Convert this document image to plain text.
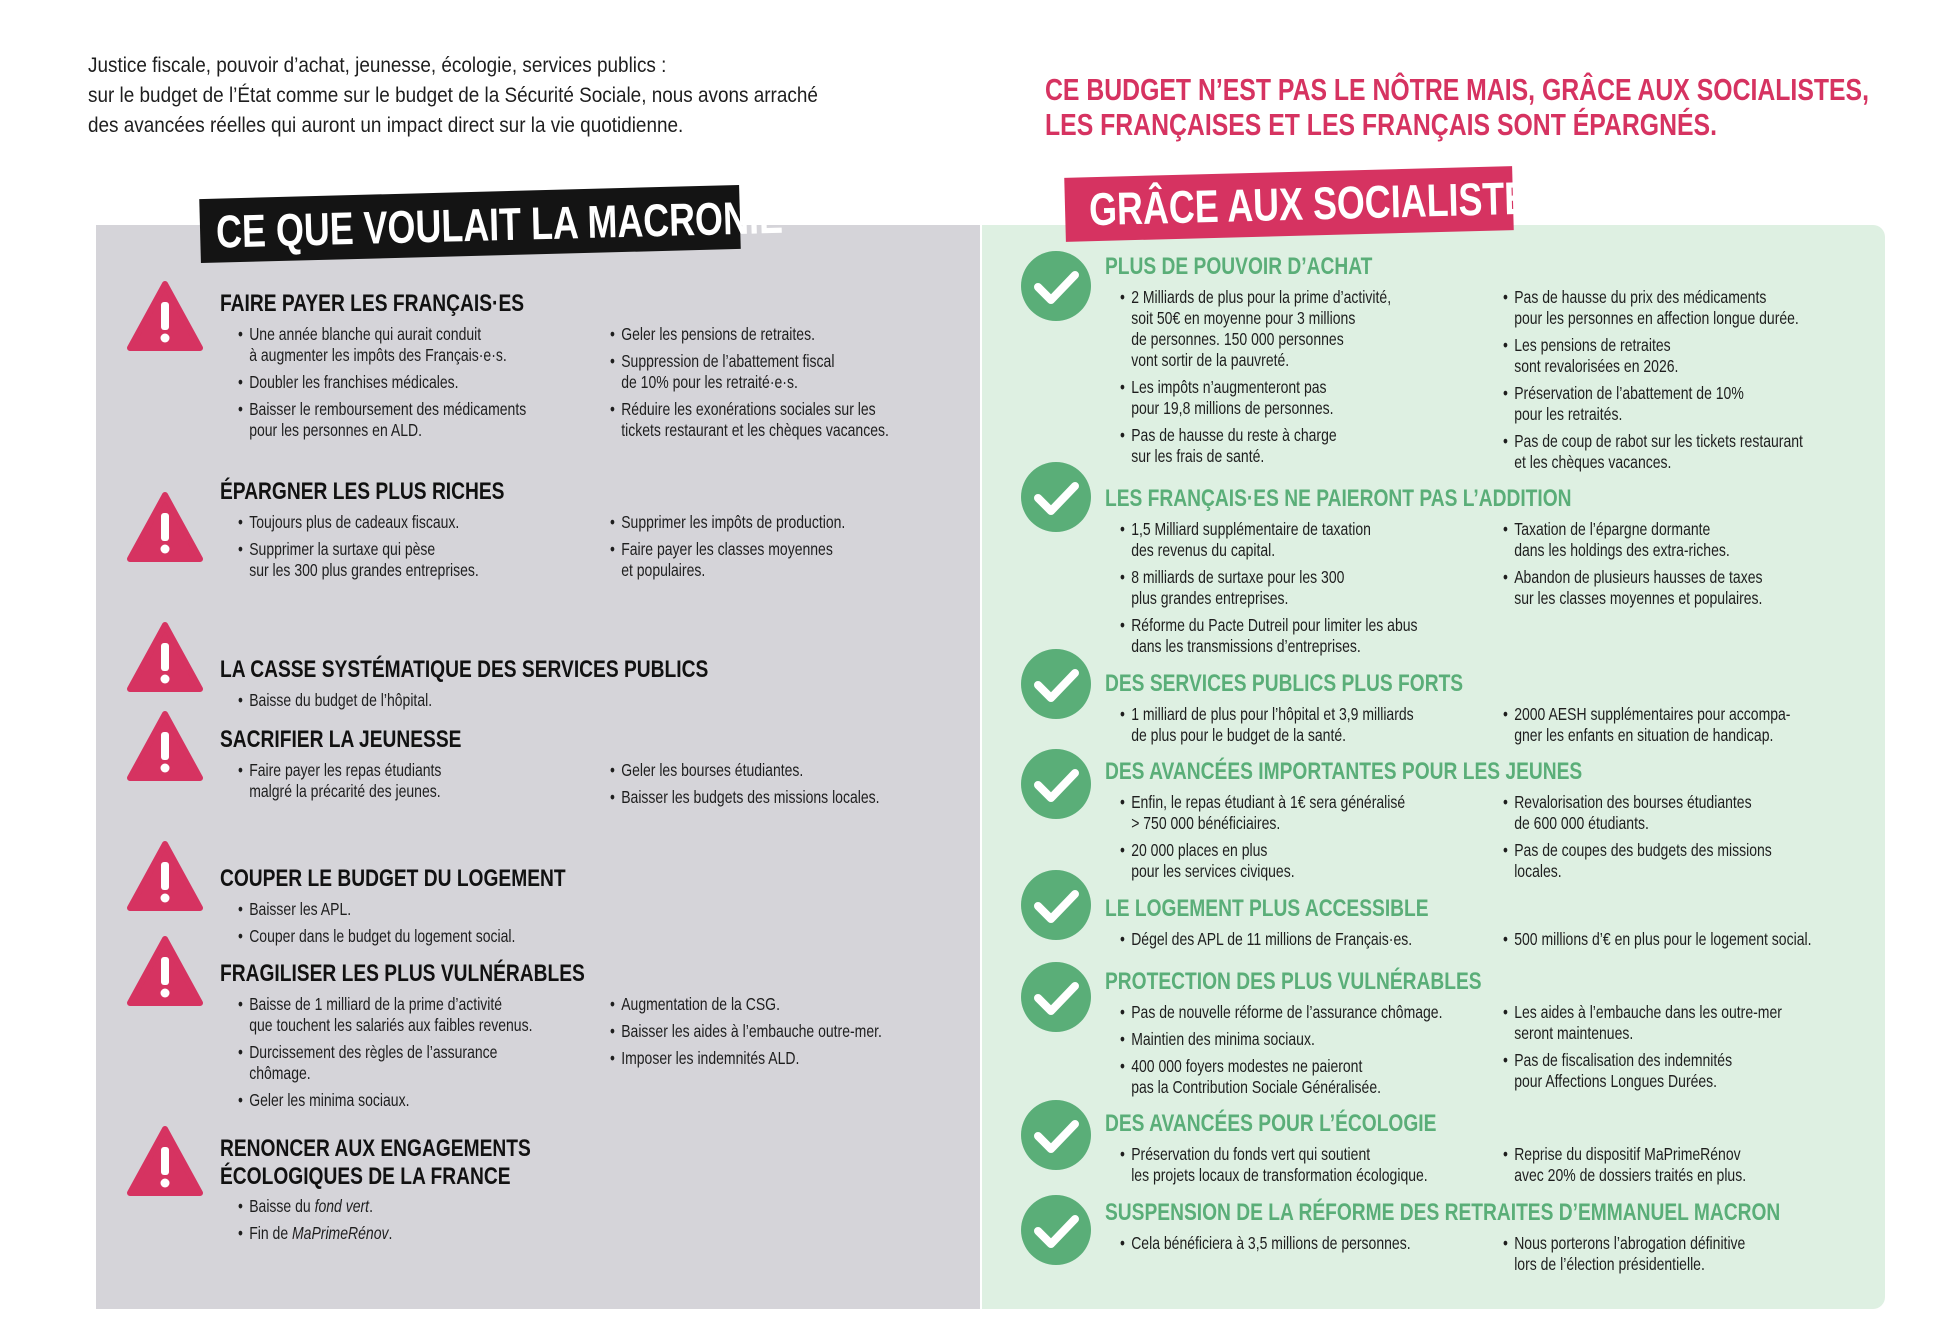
Justice fiscale, pouvoir d’achat, jeunesse, écologie, services publics :
sur le budget de l’État comme sur le budget de la Sécurité Sociale, nous avons arraché
des avancées réelles qui auront un impact direct sur la vie quotidienne.
CE BUDGET N’EST PAS LE NÔTRE MAIS, GRÂCE AUX SOCIALISTES,
LES FRANÇAISES ET LES FRANÇAIS SONT ÉPARGNÉS.
CE QUE VOULAIT LA MACRONIE	GRÂCE AUX SOCIALISTES
FAIRE PAYER LES FRANÇAIS·ES
• Une année blanche qui aurait conduit
à augmenter les impôts des Français·e·s.
• Doubler les franchises médicales.
• Baisser le remboursement des médicaments
pour les personnes en ALD.
• Geler les pensions de retraites.
• Suppression de l’abattement fiscal
de 10% pour les retraité·e·s.
• Réduire les exonérations sociales sur les
tickets restaurant et les chèques vacances.
ÉPARGNER LES PLUS RICHES
• Toujours plus de cadeaux fiscaux.
• Supprimer la surtaxe qui pèse
sur les 300 plus grandes entreprises.
• Supprimer les impôts de production.
• Faire payer les classes moyennes
et populaires.
LA CASSE SYSTÉMATIQUE DES SERVICES PUBLICS
• Baisse du budget de l’hôpital.
SACRIFIER LA JEUNESSE
• Faire payer les repas étudiants
malgré la précarité des jeunes.
• Geler les bourses étudiantes.
• Baisser les budgets des missions locales.
COUPER LE BUDGET DU LOGEMENT
• Baisser les APL.
• Couper dans le budget du logement social.
FRAGILISER LES PLUS VULNÉRABLES
• Baisse de 1 milliard de la prime d’activité
que touchent les salariés aux faibles revenus.
• Durcissement des règles de l’assurance
chômage.
• Geler les minima sociaux.
• Augmentation de la CSG.
• Baisser les aides à l’embauche outre-mer.
• Imposer les indemnités ALD.
RENONCER AUX ENGAGEMENTS
ÉCOLOGIQUES DE LA FRANCE
• Baisse du fond vert.
• Fin de MaPrimeRénov.
PLUS DE POUVOIR D’ACHAT
• 2 Milliards de plus pour la prime d’activité,
soit 50€ en moyenne pour 3 millions
de personnes. 150 000 personnes
vont sortir de la pauvreté.
• Les impôts n’augmenteront pas
pour 19,8 millions de personnes.
• Pas de hausse du reste à charge
sur les frais de santé.
• Pas de hausse du prix des médicaments
pour les personnes en affection longue durée.
• Les pensions de retraites
sont revalorisées en 2026.
• Préservation de l’abattement de 10%
pour les retraités.
• Pas de coup de rabot sur les tickets restaurant
et les chèques vacances.
LES FRANÇAIS·ES NE PAIERONT PAS L’ADDITION
• 1,5 Milliard supplémentaire de taxation
des revenus du capital.
• 8 milliards de surtaxe pour les 300
plus grandes entreprises.
• Réforme du Pacte Dutreil pour limiter les abus
dans les transmissions d’entreprises.
• Taxation de l’épargne dormante
dans les holdings des extra-riches.
• Abandon de plusieurs hausses de taxes
sur les classes moyennes et populaires.
DES SERVICES PUBLICS PLUS FORTS
• 1 milliard de plus pour l’hôpital et 3,9 milliards
de plus pour le budget de la santé.
• 2000 AESH supplémentaires pour accompa-
gner les enfants en situation de handicap.
DES AVANCÉES IMPORTANTES POUR LES JEUNES
• Enfin, le repas étudiant à 1€ sera généralisé
> 750 000 bénéficiaires.
• 20 000 places en plus
pour les services civiques.
• Revalorisation des bourses étudiantes
de 600 000 étudiants.
• Pas de coupes des budgets des missions
locales.
LE LOGEMENT PLUS ACCESSIBLE
• Dégel des APL de 11 millions de Français·es.	• 500 millions d’€ en plus pour le logement social.
PROTECTION DES PLUS VULNÉRABLES
• Pas de nouvelle réforme de l’assurance chômage.
• Maintien des minima sociaux.
• 400 000 foyers modestes ne paieront
pas la Contribution Sociale Généralisée.
• Les aides à l’embauche dans les outre-mer
seront maintenues.
• Pas de fiscalisation des indemnités
pour Affections Longues Durées.
DES AVANCÉES POUR L’ÉCOLOGIE
• Préservation du fonds vert qui soutient
les projets locaux de transformation écologique.
• Reprise du dispositif MaPrimeRénov
avec 20% de dossiers traités en plus.
SUSPENSION DE LA RÉFORME DES RETRAITES D’EMMANUEL MACRON
• Cela bénéficiera à 3,5 millions de personnes.	• Nous porterons l’abrogation définitive
lors de l’élection présidentielle.
